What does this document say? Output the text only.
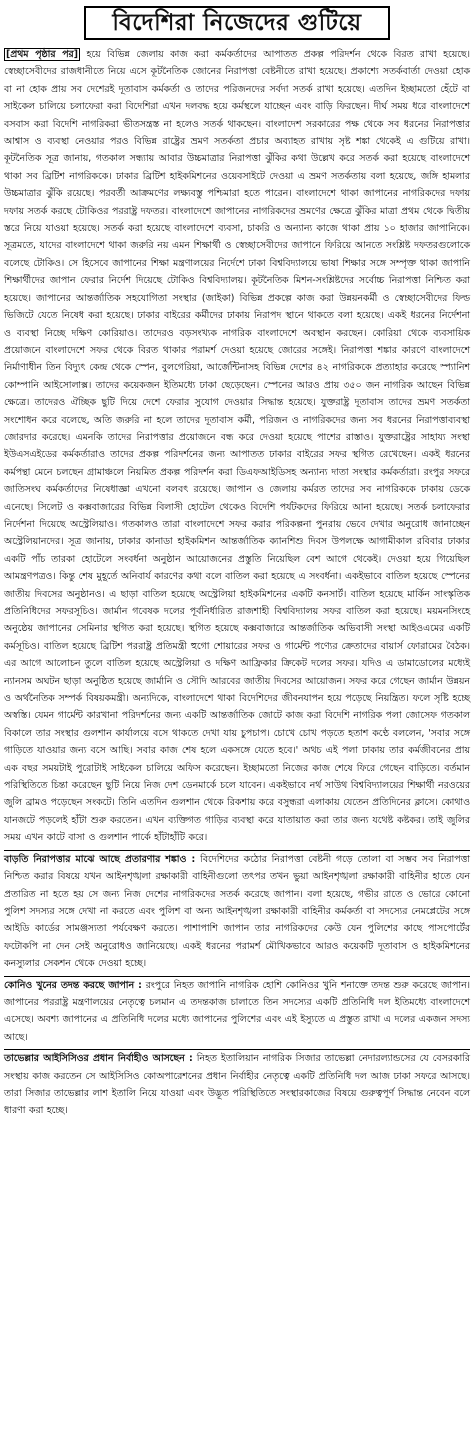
বিদেশিরা নিজেদের গুটিয়ে

[প্রথম পৃষ্ঠার পর] হয়ে বিভিন্ন জেলায় কাজ করা কর্মকর্তাদের আপাতত প্রকল্প পরিদর্শন থেকে বিরত রাখা হয়েছে। স্বেচ্ছাসেবীদের রাজধানীতে নিয়ে এসে কূটনৈতিক জোনের নিরাপত্তা বেষ্টনীতে রাখা হয়েছে। প্রকাশ্যে সতর্কবার্তা দেওয়া হোক বা না হোক প্রায় সব দেশেরই দূতাবাস কর্মকর্তা ও তাদের পরিজনদের সর্বদা সতর্ক রাখা হয়েছে। এতদিন ইচ্ছামতো হেঁটে বা সাইকেল চালিয়ে চলাফেরা করা বিদেশিরা এখন দলবদ্ধ হয়ে কর্মস্থলে যাচ্ছেন এবং বাড়ি ফিরছেন। দীর্ঘ সময় ধরে বাংলাদেশে বসবাস করা বিদেশি নাগরিকরা ভীতসন্ত্রস্ত না হলেও সতর্ক থাকছেন। বাংলাদেশ সরকারের পক্ষ থেকে সব ধরনের নিরাপত্তার আশ্বাস ও ব্যবস্থা নেওয়ার পরও বিভিন্ন রাষ্ট্রের ভ্রমণ সতর্কতা প্রচার অব্যাহত রাখায় সৃষ্ট শঙ্কা থেকেই এ গুটিয়ে রাখা। কূটনৈতিক সূত্র জানায়, গতকাল সন্ধ্যায় আবার উচ্চমাত্রার নিরাপত্তা ঝুঁকির কথা উল্লেখ করে সতর্ক করা হয়েছে বাংলাদেশে থাকা সব ব্রিটিশ নাগরিককে। ঢাকার ব্রিটিশ হাইকমিশনের ওয়েবসাইটে দেওয়া এ ভ্রমণ সতর্কতায় বলা হয়েছে, জঙ্গি হামলার উচ্চমাত্রার ঝুঁকি রয়েছে। পরবর্তী আক্রমণের লক্ষ্যবস্তু পশ্চিমারা হতে পারেন। বাংলাদেশে থাকা জাপানের নাগরিকদের দফায় দফায় সতর্ক করছে টোকিওর পররাষ্ট্র দফতর। বাংলাদেশে জাপানের নাগরিকদের ভ্রমণের ক্ষেত্রে ঝুঁকির মাত্রা প্রথম থেকে দ্বিতীয় স্তরে নিয়ে যাওয়া হয়েছে। সতর্ক করা হয়েছে বাংলাদেশে ব্যবসা, চাকরি ও অন্যান্য কাজে থাকা প্রায় ১০ হাজার জাপানিকে। সূত্রমতে, যাদের বাংলাদেশে থাকা জরুরি নয় এমন শিক্ষার্থী ও স্বেচ্ছাসেবীদের জাপানে ফিরিয়ে আনতে সংশ্লিষ্ট দফতরগুলোকে বলেছে টোকিও। সে হিসেবে জাপানের শিক্ষা মন্ত্রণালয়ের নির্দেশে ঢাকা বিশ্ববিদ্যালয়ে ভাষা শিক্ষার সঙ্গে সম্পৃক্ত থাকা জাপানি শিক্ষার্থীদের জাপান ফেরার নির্দেশ দিয়েছে টোকিও বিশ্ববিদ্যালয়। কূটনৈতিক মিশন-সংশ্লিষ্টদের সর্বোচ্চ নিরাপত্তা নিশ্চিত করা হয়েছে। জাপানের আন্তর্জাতিক সহযোগিতা সংস্থার (জাইকা) বিভিন্ন প্রকল্পে কাজ করা উন্নয়নকর্মী ও স্বেচ্ছাসেবীদের ফিল্ড ভিজিটে যেতে নিষেধ করা হয়েছে। ঢাকার বাইরের কর্মীদের ঢাকায় নিরাপদ স্থানে থাকতে বলা হয়েছে। একই ধরনের নির্দেশনা ও ব্যবস্থা নিচ্ছে দক্ষিণ কোরিয়াও। তাদেরও বড়সংখ্যক নাগরিক বাংলাদেশে অবস্থান করছেন। কোরিয়া থেকে ব্যবসায়িক প্রয়োজনে বাংলাদেশে সফর থেকে বিরত থাকার পরামর্শ দেওয়া হয়েছে জোরের সঙ্গেই। নিরাপত্তা শঙ্কার কারণে বাংলাদেশে নির্মাণাধীন তিন বিদ্যুৎ কেন্দ্র থেকে স্পেন, বুলগেরিয়া, আর্জেন্টিনাসহ বিভিন্ন দেশের ৪২ নাগরিককে প্রত্যাহার করেছে স্প্যানিশ কোম্পানি আইসোলাক্স। তাদের কয়েকজন ইতিমধ্যে ঢাকা ছেড়েছেন। স্পেনের আরও প্রায় ৩৫০ জন নাগরিক আছেন বিভিন্ন ক্ষেত্রে। তাদেরও ঐচ্ছিক ছুটি দিয়ে দেশে ফেরার সুযোগ দেওয়ার সিদ্ধান্ত হয়েছে। যুক্তরাষ্ট্র দূতাবাস তাদের ভ্রমণ সতর্কতা সংশোধন করে বলেছে, অতি জরুরি না হলে তাদের দূতাবাস কর্মী, পরিজন ও নাগরিকদের জন্য সব ধরনের নিরাপত্তাব্যবস্থা জোরদার করেছে। এমনকি তাদের নিরাপত্তার প্রয়োজনে বন্ধ করে দেওয়া হয়েছে পাশের রাস্তাও। যুক্তরাষ্ট্রের সাহায্য সংস্থা ইউএসএইডের কর্মকর্তারাও তাদের প্রকল্প পরিদর্শনের জন্য আপাতত ঢাকার বাইরের সফর স্থগিত রেখেছেন। একই ধরনের কর্মপন্থা মেনে চলছেন গ্রামাঞ্চলে নিয়মিত প্রকল্প পরিদর্শন করা ডিএফআইডিসহ অন্যান্য দাতা সংস্থার কর্মকর্তারা। রংপুর সফরে জাতিসংঘ কর্মকর্তাদের নিষেধাজ্ঞা এখনো বলবৎ রয়েছে। জাপান ও জেলায় কর্মরত তাদের সব নাগরিককে ঢাকায় ডেকে এনেছে। সিলেট ও কক্সবাজারের বিভিন্ন বিলাসী হোটেল থেকেও বিদেশি পর্যটকদের ফিরিয়ে আনা হয়েছে। সতর্ক চলাফেরার নির্দেশনা দিয়েছে অস্ট্রেলিয়াও। গতকালও তারা বাংলাদেশে সফর করার পরিকল্পনা পুনরায় ভেবে দেখার অনুরোধ জানাচ্ছেন অস্ট্রেলিয়ানদের। সূত্র জানায়, ঢাকার কানাডা হাইকমিশন আন্তর্জাতিক ক্যানশিশু দিবস উপলক্ষে আগামীকাল রবিবার ঢাকার একটি পাঁচ তারকা হোটেলে সংবর্ধনা অনুষ্ঠান আয়োজনের প্রস্তুতি নিয়েছিল বেশ আগে থেকেই। দেওয়া হয়ে গিয়েছিল আমন্ত্রণপত্রও। কিন্তু শেষ মুহূর্তে অনিবার্য কারণের কথা বলে বাতিল করা হয়েছে এ সংবর্ধনা। একইভাবে বাতিল হয়েছে স্পেনের জাতীয় দিবসের অনুষ্ঠানও। এ ছাড়া বাতিল হয়েছে অস্ট্রেলিয়া হাইকমিশনের একটি কনসার্ট। বাতিল হয়েছে মার্কিন সাংস্কৃতিক প্রতিনিধিদের সফরসূচিও। জার্মান গবেষক দলের পূর্বনির্ধারিত রাজশাহী বিশ্ববিদ্যালয় সফর বাতিল করা হয়েছে। ময়মনসিংহে অনুষ্ঠেয় জাপানের সেমিনার স্থগিত করা হয়েছে। স্থগিত হয়েছে কক্সবাজারে আন্তর্জাতিক অভিবাসী সংস্থা আইওএমের একটি কর্মসূচিও। বাতিল হয়েছে ব্রিটিশ পররাষ্ট্র প্রতিমন্ত্রী হুগো শোয়ারের সফর ও গার্মেন্ট পণ্যের ক্রেতাদের বায়ার্স ফোরামের বৈঠক। এর আগে আলোচন তুলে বাতিল হয়েছে অস্ট্রেলিয়া ও দক্ষিণ আফ্রিকার ক্রিকেট দলের সফর। যদিও এ ডামাডোলের মধ্যেই ন্যানসম অঘটন ছাড়া অনুষ্ঠিত হয়েছে জার্মানি ও সৌদি আরবের জাতীয় দিবসের আয়োজন। সফর করে গেছেন জার্মান উন্নয়ন ও অর্থনৈতিক সম্পর্ক বিষয়কমন্ত্রী। অন্যদিকে, বাংলাদেশে থাকা বিদেশিদের জীবনযাপন হয়ে পড়েছে নিয়ন্ত্রিত। ফলে সৃষ্টি হচ্ছে অস্বস্তি। যেমন গার্মেন্ট কারখানা পরিদর্শনের জন্য একটি আন্তর্জাতিক জোটে কাজ করা বিদেশি নাগরিক পলা জোসেফ গতকাল বিকালে তার সংস্থার গুলশান কার্যালয়ে বসে থাকতে দেখা যায় চুপচাপ। চোখে চোখ পড়তে হতাশ কণ্ঠে বললেন, 'সবার সঙ্গে গাড়িতে যাওয়ার জন্য বসে আছি। সবার কাজ শেষ হলে একসঙ্গে যেতে হবে।' অথচ এই পলা ঢাকায় তার কর্মজীবনের প্রায় এক বছর সময়টাই পুরোটাই সাইকেল চালিয়ে অফিস করেছেন। ইচ্ছামতো নিজের কাজ শেষে ফিরে গেছেন বাড়িতে। বর্তমান পরিস্থিতিতে চিন্তা করেছেন ছুটি নিয়ে নিজ দেশ ডেনমার্কে চলে যাবেন। একইভাবে নর্থ সাউথ বিশ্ববিদ্যালয়ের শিক্ষার্থী নরওয়ের জুলি ব্রামও পড়েছেন সংকটে। তিনি এতদিন গুলশান থেকে রিকশায় করে বসুন্ধরা এলাকায় যেতেন প্রতিদিনের ক্লাসে। কোথাও যানজটে পড়লেই হাঁটা শুরু করতেন। এখন ব্যক্তিগত গাড়ির ব্যবস্থা করে যাতায়াত করা তার জন্য যথেষ্ট কষ্টকর। তাই জুলির সময় এখন কাটে বাসা ও গুলশান পার্কে হাঁটাহাঁটি করে।

বাড়তি নিরাপত্তার মাঝে আছে প্রতারণার শঙ্কাও : বিদেশিদের কঠোর নিরাপত্তা বেষ্টনী গড়ে তোলা বা সম্ভব সব নিরাপত্তা নিশ্চিত করার বিষয়ে যখন আইনশৃঙ্খলা রক্ষাকারী বাহিনীগুলো তৎপর তখন ভুয়া আইনশৃঙ্খলা রক্ষাকারী বাহিনীর হাতে যেন প্রতারিত না হতে হয় সে জন্য নিজ দেশের নাগরিকদের সতর্ক করেছে জাপান। বলা হয়েছে, গভীর রাতে ও ভোরে কোনো পুলিশ সদস্যর সঙ্গে দেখা না করতে এবং পুলিশ বা অন্য আইনশৃঙ্খলা রক্ষাকারী বাহিনীর কর্মকর্তা বা সদস্যের নেমপ্লেটের সঙ্গে আইডি কার্ডের সামঞ্জস্যতা পর্যবেক্ষণ করতে। পাশাপাশি জাপান তার নাগরিকদের কেউ যেন পুলিশের কাছে পাসপোর্টের ফটোকপি না দেন সেই অনুরোধও জানিয়েছে। একই ধরনের পরামর্শ মৌখিকভাবে আরও কয়েকটি দূতাবাস ও হাইকমিশনের কনস্যুলার সেকশন থেকে দেওয়া হচ্ছে।

কোনিও খুনের তদন্ত করছে জাপান : রংপুরে নিহত জাপানি নাগরিক হোশি কোনিওর খুনি শনাক্তে তদন্ত শুরু করেছে জাপান। জাপানের পররাষ্ট্র মন্ত্রণালয়ের নেতৃত্বে চলমান এ তদন্তকাজ চালাতে তিন সদস্যের একটি প্রতিনিধি দল ইতিমধ্যে বাংলাদেশে এসেছে। অবশ্য জাপানের এ প্রতিনিধি দলের মধ্যে জাপানের পুলিশের এবং এই ইস্যুতে এ প্রস্তুত রাখা এ দলের একজন সদস্য আছে।

তাভেল্লার আইসিসিওর প্রধান নির্বাহীও আসছেন : নিহত ইতালিয়ান নাগরিক সিজার তাভেল্লা নেদারল্যান্ডসের যে বেসরকারি সংস্থায় কাজ করতেন সে আইসিসিও কোঅপারেশনের প্রধান নির্বাহীর নেতৃত্বে একটি প্রতিনিধি দল আজ ঢাকা সফরে আসছে। তারা সিজার তাভেল্লার লাশ ইতালি নিয়ে যাওয়া এবং উদ্ভূত পরিস্থিতিতে সংস্থারকাজের বিষয়ে গুরুত্বপূর্ণ সিদ্ধান্ত নেবেন বলে ধারণা করা হচ্ছে।
